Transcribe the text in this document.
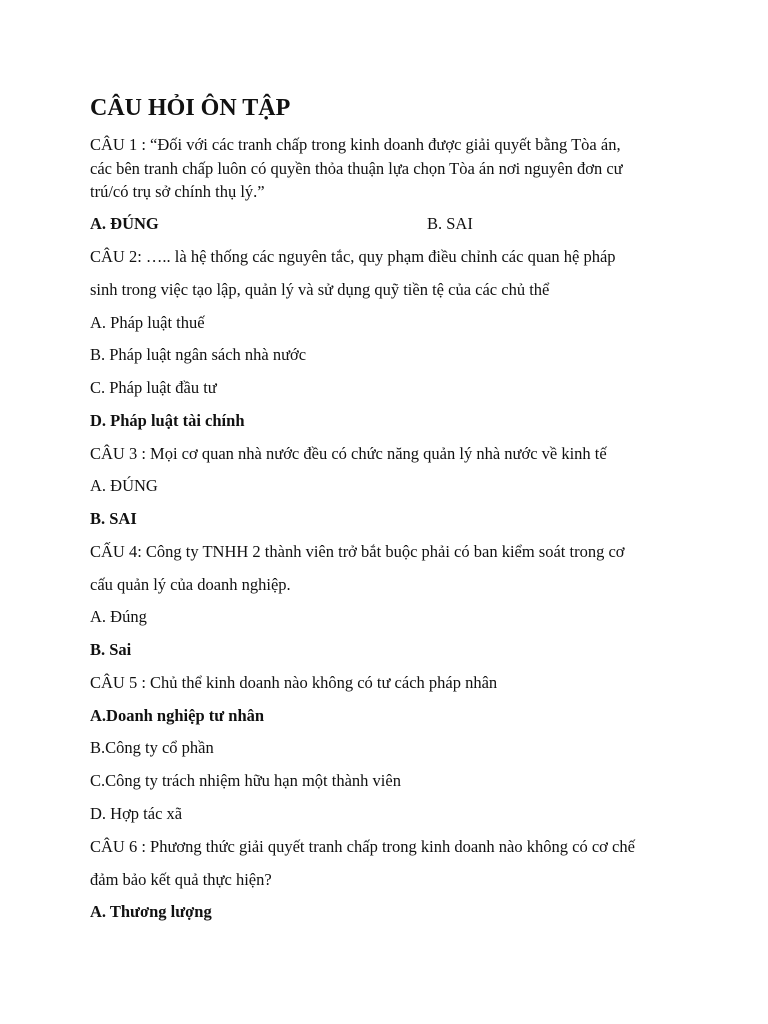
CÂU HỎI ÔN TẬP
CÂU 1 : “Đối với các tranh chấp trong kinh doanh được giải quyết bằng Tòa án,
các bên tranh chấp luôn có quyền thỏa thuận lựa chọn Tòa án nơi nguyên đơn cư
trú/có trụ sở chính thụ lý.”
A. ĐÚNG	B. SAI
CÂU 2: ….. là hệ thống các nguyên tắc, quy phạm điều chỉnh các quan hệ pháp
sinh trong việc tạo lập, quản lý và sử dụng quỹ tiền tệ của các chủ thể
A. Pháp luật thuế
B. Pháp luật ngân sách nhà nước
C. Pháp luật đầu tư
D. Pháp luật tài chính
CÂU 3 : Mọi cơ quan nhà nước đều có chức năng quản lý nhà nước về kinh tế
A. ĐÚNG
B. SAI
CẤU 4: Công ty TNHH 2 thành viên trở bắt buộc phải có ban kiểm soát trong cơ
cấu quản lý của doanh nghiệp.
A. Đúng
B. Sai
CÂU 5 : Chủ thể kinh doanh nào không có tư cách pháp nhân
A.Doanh nghiệp tư nhân
B.Công ty cổ phần
C.Công ty trách nhiệm hữu hạn một thành viên
D. Hợp tác xã
CÂU 6 : Phương thức giải quyết tranh chấp trong kinh doanh nào không có cơ chế
đảm bảo kết quả thực hiện?
A. Thương lượng
